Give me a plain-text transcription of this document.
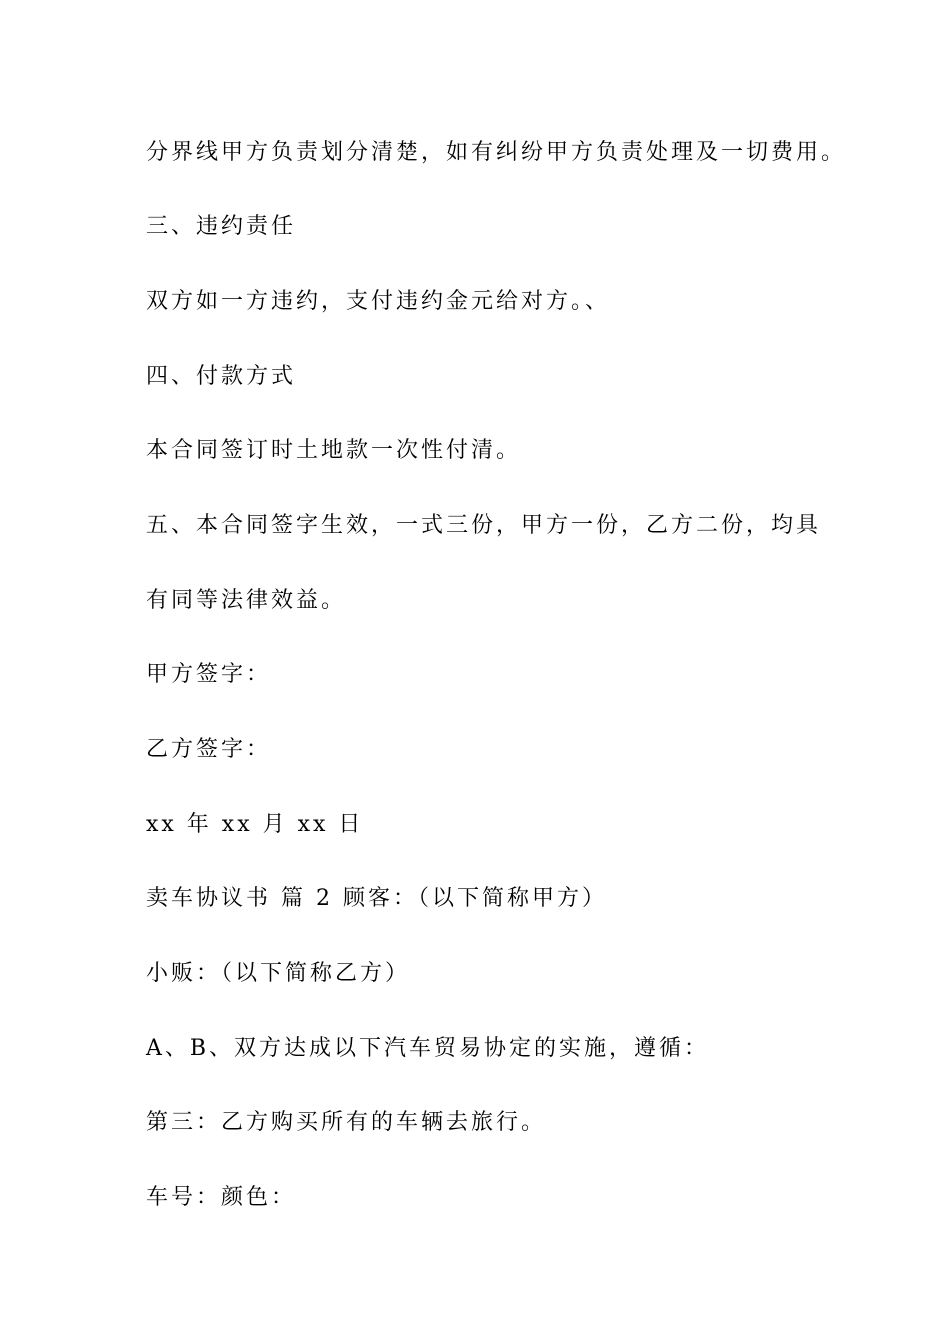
分界线甲方负责划分清楚，如有纠纷甲方负责处理及一切费用。
三、违约责任
双方如一方违约，支付违约金元给对方。、
四、付款方式
本合同签订时土地款一次性付清。
五、本合同签字生效，一式三份，甲方一份，乙方二份，均具
有同等法律效益。
甲方签字：
乙方签字：
xx 年 xx 月 xx 日
卖车协议书 篇 2 顾客：（以下简称甲方）
小贩：（以下简称乙方）
A、B、双方达成以下汽车贸易协定的实施，遵循：
第三：乙方购买所有的车辆去旅行。
车号：颜色：
